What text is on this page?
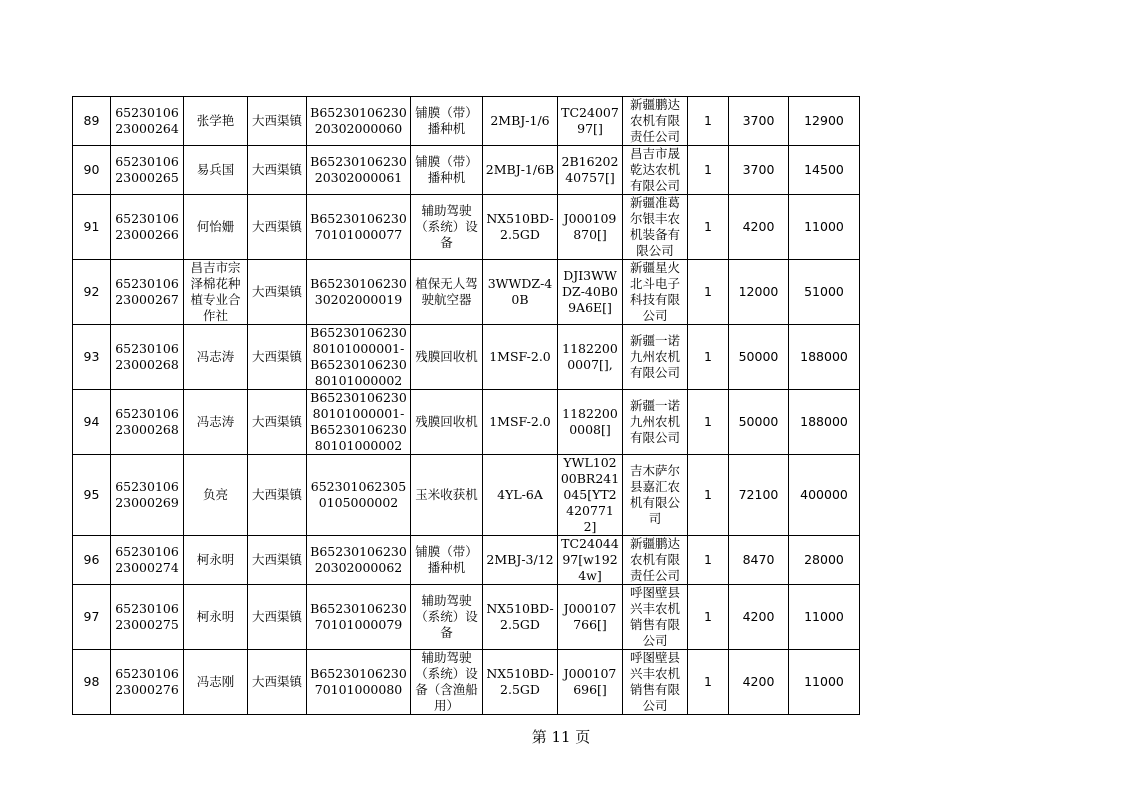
89	6523010623000264	张学艳	大西渠镇	B6523010623020302000060	铺膜（带）播种机	2MBJ-1/6	TC2400797[]	新疆鹏达农机有限责任公司	1	3700	12900
90	6523010623000265	易兵国	大西渠镇	B6523010623020302000061	铺膜（带）播种机	2MBJ-1/6B	2B1620240757[]	昌吉市晟乾达农机有限公司	1	3700	14500
91	6523010623000266	何怡姗	大西渠镇	B6523010623070101000077	辅助驾驶（系统）设备	NX510BD-2.5GD	J000109870[]	新疆准葛尔银丰农机装备有限公司	1	4200	11000
92	6523010623000267	昌吉市宗泽棉花种植专业合作社	大西渠镇	B6523010623030202000019	植保无人驾驶航空器	3WWDZ-40B	DJI3WWDZ-40B09A6E[]	新疆星火北斗电子科技有限公司	1	12000	51000
93	6523010623000268	冯志涛	大西渠镇	B6523010623080101000001-B6523010623080101000002	残膜回收机	1MSF-2.0	11822000007[],	新疆一诺九州农机有限公司	1	50000	188000
94	6523010623000268	冯志涛	大西渠镇	B6523010623080101000001-B6523010623080101000002	残膜回收机	1MSF-2.0	11822000008[]	新疆一诺九州农机有限公司	1	50000	188000
95	6523010623000269	负亮	大西渠镇	6523010623050105000002	玉米收获机	4YL-6A	YWL10200BR241045[YT24207712]	吉木萨尔县嘉汇农机有限公司	1	72100	400000
96	6523010623000274	柯永明	大西渠镇	B6523010623020302000062	铺膜（带）播种机	2MBJ-3/12	TC2404497[w1924w]	新疆鹏达农机有限责任公司	1	8470	28000
97	6523010623000275	柯永明	大西渠镇	B6523010623070101000079	辅助驾驶（系统）设备	NX510BD-2.5GD	J000107766[]	呼图壁县兴丰农机销售有限公司	1	4200	11000
98	6523010623000276	冯志刚	大西渠镇	B6523010623070101000080	辅助驾驶（系统）设备（含渔船用）	NX510BD-2.5GD	J000107696[]	呼图壁县兴丰农机销售有限公司	1	4200	11000
第 11 页
